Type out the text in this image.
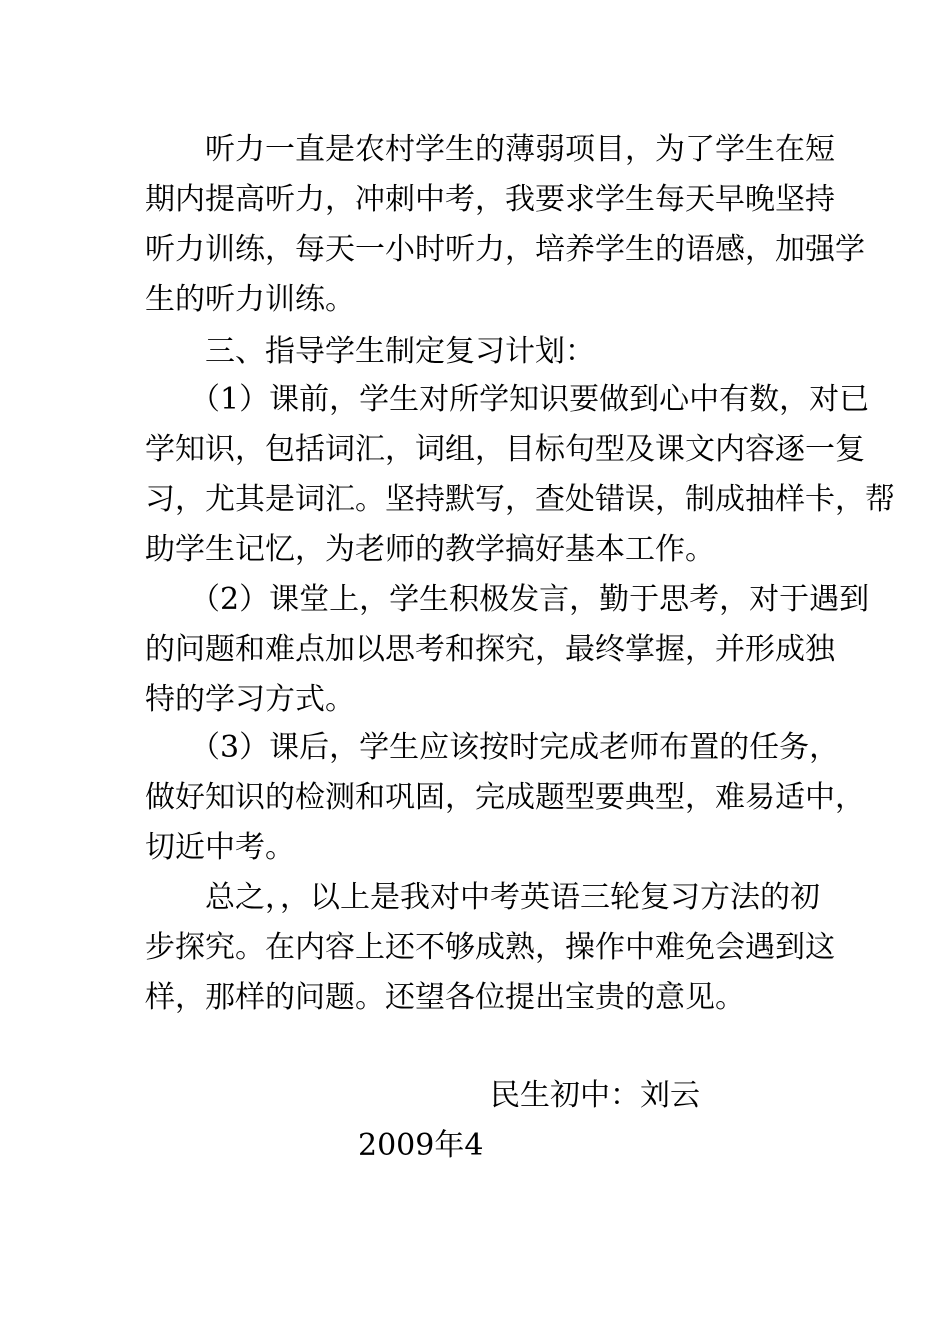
　　听力一直是农村学生的薄弱项目，为了学生在短
期内提高听力，冲刺中考，我要求学生每天早晚坚持
听力训练，每天一小时听力，培养学生的语感，加强学
生的听力训练。
　　三、指导学生制定复习计划：
　　（1）课前，学生对所学知识要做到心中有数，对已
学知识，包括词汇，词组，目标句型及课文内容逐一复
习，尤其是词汇。坚持默写，查处错误，制成抽样卡，帮
助学生记忆，为老师的教学搞好基本工作。
　　（2）课堂上，学生积极发言，勤于思考，对于遇到
的问题和难点加以思考和探究，最终掌握，并形成独
特的学习方式。
　　（3）课后，学生应该按时完成老师布置的任务，
做好知识的检测和巩固，完成题型要典型，难易适中，
切近中考。
　　总之，，以上是我对中考英语三轮复习方法的初
步探究。在内容上还不够成熟，操作中难免会遇到这
样，那样的问题。还望各位提出宝贵的意见。
民生初中：刘云
2009年4
